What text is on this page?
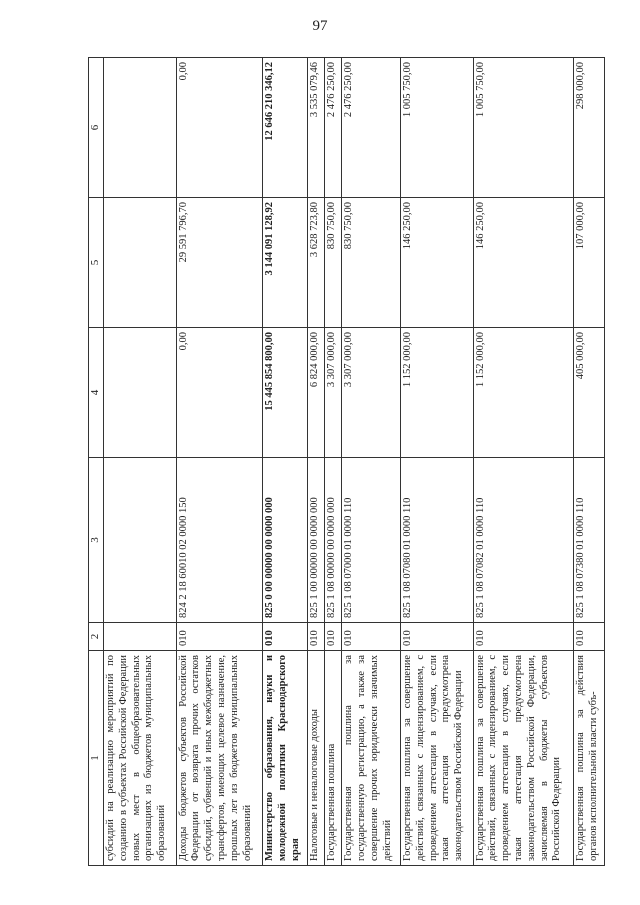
97
1	2	3	4	5	6
субсидий на реализацию мероприятий по созданию в субъектах Российской Федерации новых мест в общеобразовательных организациях из бюджетов муниципальных образований					
Доходы бюджетов субъектов Российской Федерации от возврата прочих остатков субсидий, субвенций и иных межбюджетных трансфертов, имеющих целевое назначение, прошлых лет из бюджетов муниципальных образований	010	824 2 18 60010 02 0000 150	0,00	29 591 796,70	0,00
Министерство образования, науки и молодежной политики Краснодарского края	010	825 0 00 00000 00 0000 000	15 445 854 800,00	3 144 091 128,92	12 646 210 346,12
Налоговые и неналоговые доходы	010	825 1 00 00000 00 0000 000	6 824 000,00	3 628 723,80	3 535 079,46
Государственная пошлина	010	825 1 08 00000 00 0000 000	3 307 000,00	830 750,00	2 476 250,00
Государственная пошлина за государственную регистрацию, а также за совершение прочих юридически значимых действий	010	825 1 08 07000 01 0000 110	3 307 000,00	830 750,00	2 476 250,00
Государственная пошлина за совершение действий, связанных с лицензированием, с проведением аттестации в случаях, если такая аттестация предусмотрена законодательством Российской Федерации	010	825 1 08 07080 01 0000 110	1 152 000,00	146 250,00	1 005 750,00
Государственная пошлина за совершение действий, связанных с лицензированием, с проведением аттестации в случаях, если такая аттестация предусмотрена законодательством Российской Федерации, зачисляемая в бюджеты субъектов Российской Федерации	010	825 1 08 07082 01 0000 110	1 152 000,00	146 250,00	1 005 750,00
Государственная пошлина за действия органов исполнительной власти субъ-	010	825 1 08 07380 01 0000 110	405 000,00	107 000,00	298 000,00
